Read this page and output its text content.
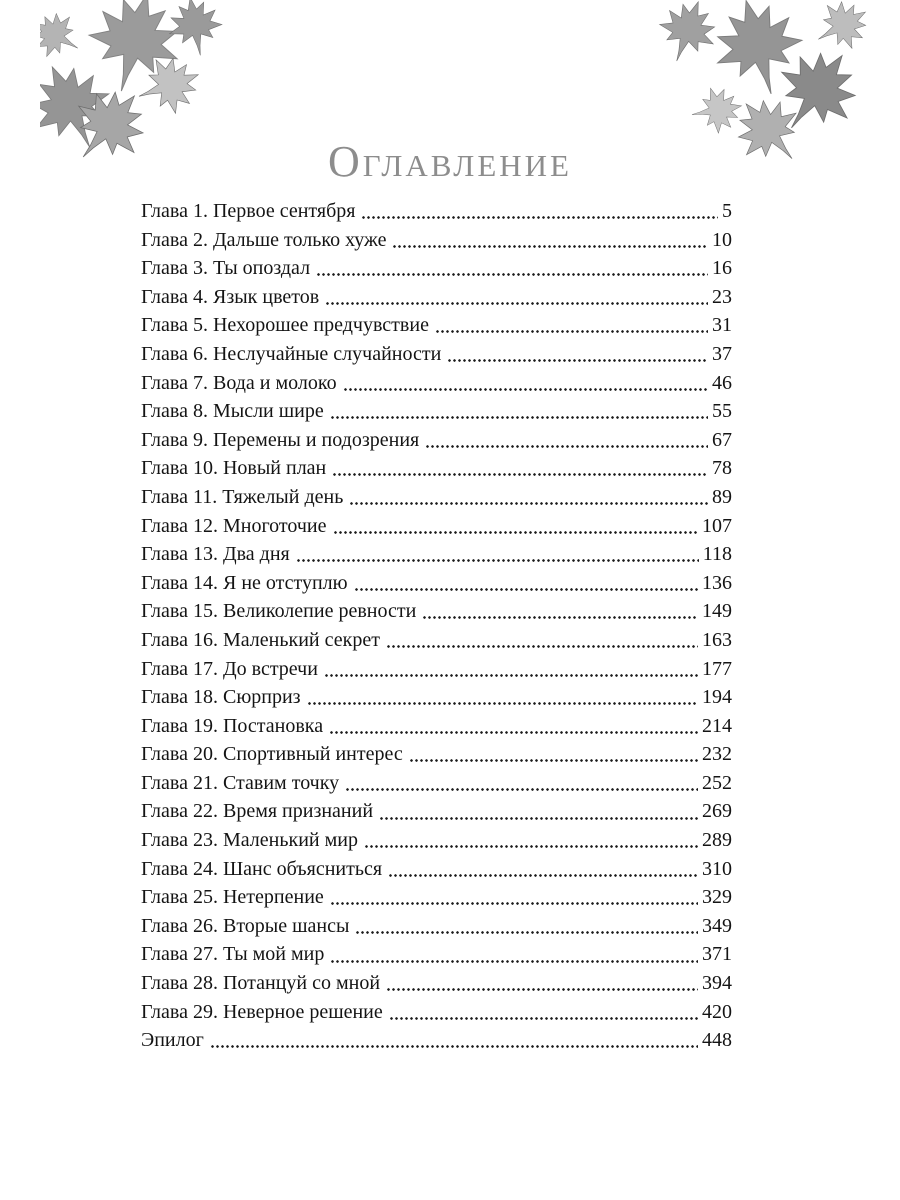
Оглавление
Глава 1. Первое сентября	5
Глава 2. Дальше только хуже	10
Глава 3. Ты опоздал	16
Глава 4. Язык цветов	23
Глава 5. Нехорошее предчувствие	31
Глава 6. Неслучайные случайности	37
Глава 7. Вода и молоко	46
Глава 8. Мысли шире	55
Глава 9. Перемены и подозрения	67
Глава 10. Новый план	78
Глава 11. Тяжелый день	89
Глава 12. Многоточие	107
Глава 13. Два дня	118
Глава 14. Я не отступлю	136
Глава 15. Великолепие ревности	149
Глава 16. Маленький секрет	163
Глава 17. До встречи	177
Глава 18. Сюрприз	194
Глава 19. Постановка	214
Глава 20. Спортивный интерес	232
Глава 21. Ставим точку	252
Глава 22. Время признаний	269
Глава 23. Маленький мир	289
Глава 24. Шанс объясниться	310
Глава 25. Нетерпение	329
Глава 26. Вторые шансы	349
Глава 27. Ты мой мир	371
Глава 28. Потанцуй со мной	394
Глава 29. Неверное решение	420
Эпилог	448
